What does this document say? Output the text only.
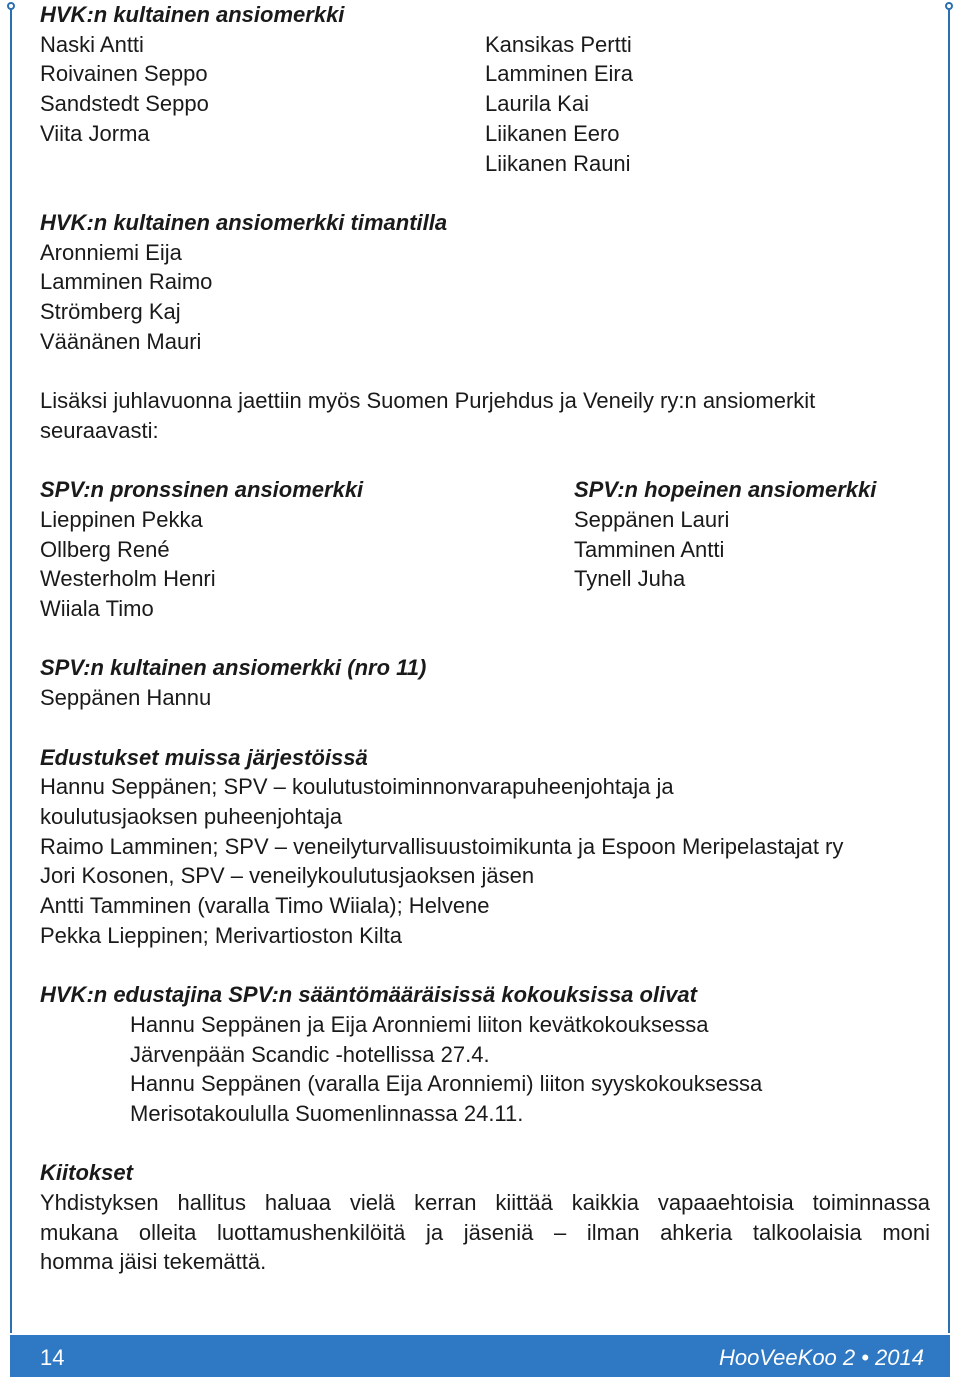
HVK:n kultainen ansiomerkki
Naski Antti
Roivainen Seppo
Sandstedt Seppo
Viita Jorma
Kansikas Pertti
Lamminen Eira
Laurila Kai
Liikanen Eero
Liikanen Rauni
HVK:n kultainen ansiomerkki timantilla
Aronniemi Eija
Lamminen Raimo
Strömberg Kaj
Väänänen Mauri
Lisäksi juhlavuonna jaettiin myös Suomen Purjehdus ja Veneily ry:n ansiomerkit
seuraavasti:
SPV:n pronssinen ansiomerkki
Lieppinen Pekka
Ollberg René
Westerholm Henri
Wiiala Timo
SPV:n hopeinen ansiomerkki
Seppänen Lauri
Tamminen Antti
Tynell Juha
SPV:n kultainen ansiomerkki (nro 11)
Seppänen Hannu
Edustukset muissa järjestöissä
Hannu Seppänen; SPV – koulutustoiminnonvarapuheenjohtaja ja
koulutusjaoksen puheenjohtaja
Raimo Lamminen; SPV – veneilyturvallisuustoimikunta ja Espoon Meripelastajat ry
Jori Kosonen, SPV – veneilykoulutusjaoksen jäsen
Antti Tamminen (varalla Timo Wiiala); Helvene
Pekka Lieppinen; Merivartioston Kilta
HVK:n edustajina SPV:n sääntömääräisissä kokouksissa olivat
Hannu Seppänen ja Eija Aronniemi liiton kevätkokouksessa
Järvenpään Scandic -hotellissa 27.4.
Hannu Seppänen (varalla Eija Aronniemi) liiton syyskokouksessa
Merisotakoululla Suomenlinnassa 24.11.
Kiitokset
Yhdistyksen hallitus haluaa vielä kerran kiittää kaikkia vapaaehtoisia toiminnassa
mukana olleita luottamushenkilöitä ja jäseniä – ilman ahkeria talkoolaisia moni
homma jäisi tekemättä.
14	HooVeeKoo 2 • 2014
